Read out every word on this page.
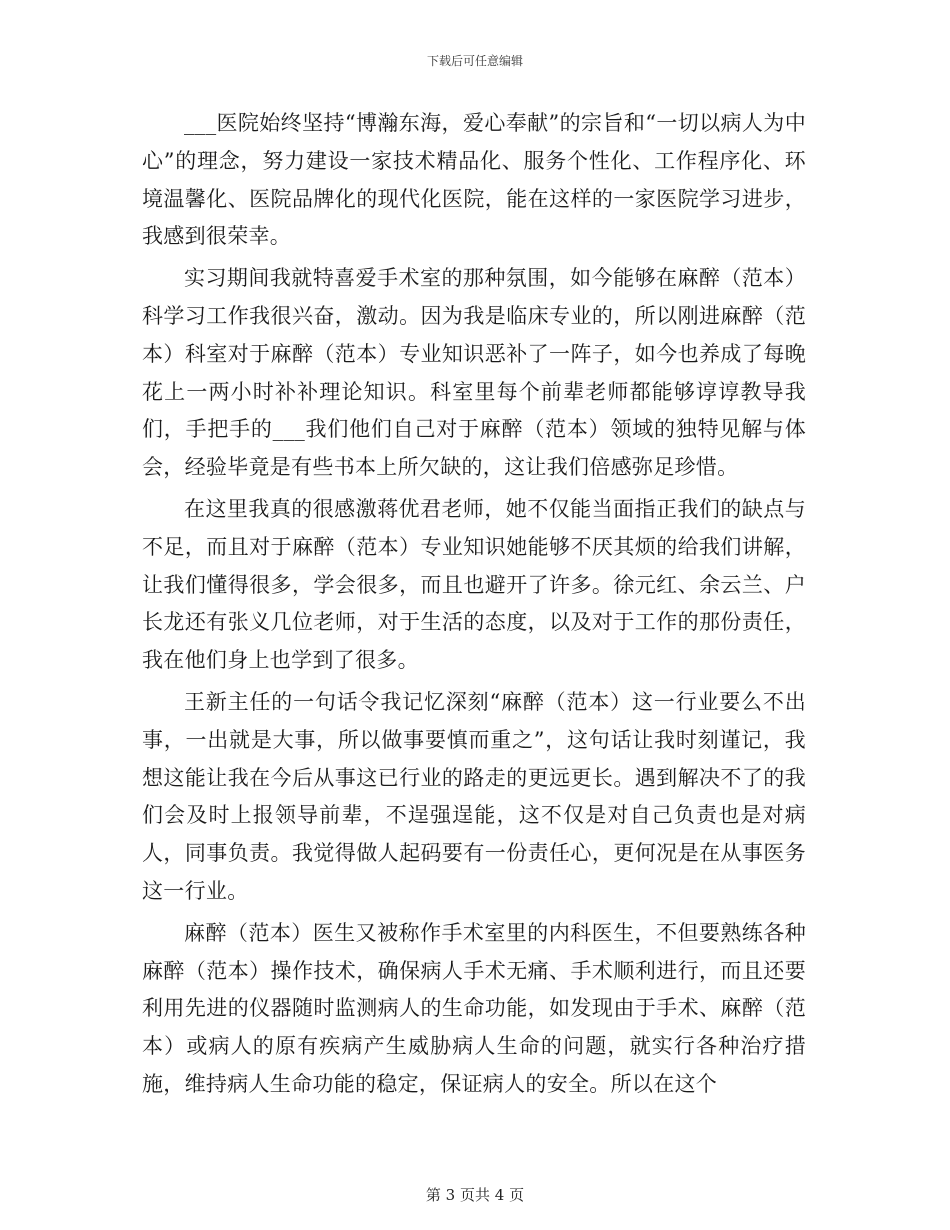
下载后可任意编辑

___医院始终坚持“博瀚东海，爱心奉献”的宗旨和“一切以病人为中心”的理念，努力建设一家技术精品化、服务个性化、工作程序化、环境温馨化、医院品牌化的现代化医院，能在这样的一家医院学习进步，我感到很荣幸。

实习期间我就特喜爱手术室的那种氛围，如今能够在麻醉（范本）科学习工作我很兴奋，激动。因为我是临床专业的，所以刚进麻醉（范本）科室对于麻醉（范本）专业知识恶补了一阵子，如今也养成了每晚花上一两小时补补理论知识。科室里每个前辈老师都能够谆谆教导我们，手把手的___我们他们自己对于麻醉（范本）领域的独特见解与体会，经验毕竟是有些书本上所欠缺的，这让我们倍感弥足珍惜。

在这里我真的很感激蒋优君老师，她不仅能当面指正我们的缺点与不足，而且对于麻醉（范本）专业知识她能够不厌其烦的给我们讲解，让我们懂得很多，学会很多，而且也避开了许多。徐元红、余云兰、户长龙还有张义几位老师，对于生活的态度，以及对于工作的那份责任，我在他们身上也学到了很多。

王新主任的一句话令我记忆深刻“麻醉（范本）这一行业要么不出事，一出就是大事，所以做事要慎而重之”，这句话让我时刻谨记，我想这能让我在今后从事这已行业的路走的更远更长。遇到解决不了的我们会及时上报领导前辈，不逞强逞能，这不仅是对自己负责也是对病人，同事负责。我觉得做人起码要有一份责任心，更何况是在从事医务这一行业。

麻醉（范本）医生又被称作手术室里的内科医生，不但要熟练各种麻醉（范本）操作技术，确保病人手术无痛、手术顺利进行，而且还要利用先进的仪器随时监测病人的生命功能，如发现由于手术、麻醉（范本）或病人的原有疾病产生威胁病人生命的问题，就实行各种治疗措施，维持病人生命功能的稳定，保证病人的安全。所以在这个

第 3 页共 4 页
